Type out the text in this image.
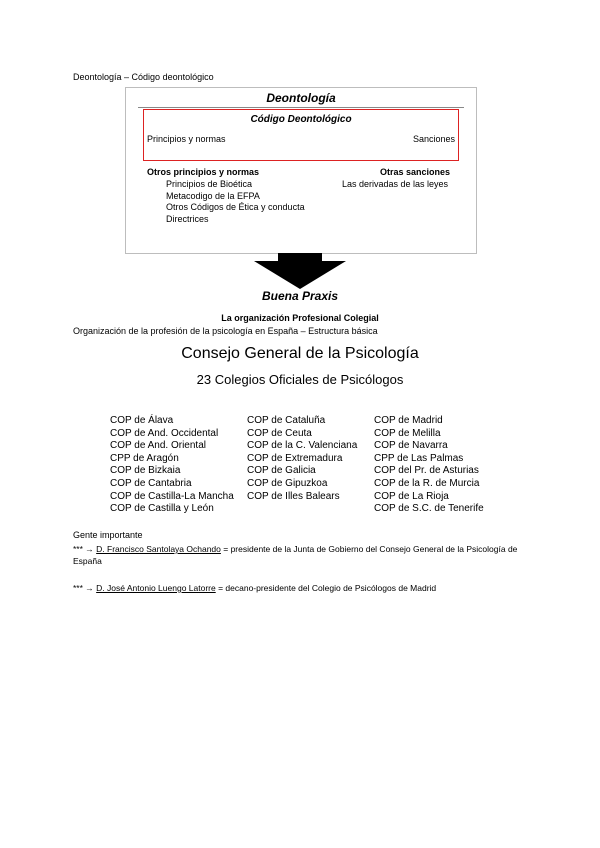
Deontología – Código deontológico
Deontología
Código Deontológico
Principios y normas	Sanciones
Otros principios y normas
Principios de Bioética
Metacodigo de la EFPA
Otros Códigos de Ética y conducta
Directrices
Otras sanciones
Las derivadas de las leyes
Buena Praxis
La organización Profesional Colegial
Organización de la profesión de la psicología en España – Estructura básica
Consejo General de la Psicología
23 Colegios Oficiales de Psicólogos
COP de Álava
COP de And. Occidental
COP de And. Oriental
CPP de Aragón
COP de Bizkaia
COP de Cantabria
COP de Castilla-La Mancha
COP de Castilla y León
COP de Cataluña
COP de Ceuta
COP de la C. Valenciana
COP de Extremadura
COP de Galicia
COP de Gipuzkoa
COP de Illes Balears
COP de Madrid
COP de Melilla
COP de Navarra
CPP de Las Palmas
COP del Pr. de Asturias
COP de la R. de Murcia
COP de La Rioja
COP de S.C. de Tenerife
Gente importante
*** → D. Francisco Santolaya Ochando = presidente de la Junta de Gobierno del Consejo General de la Psicología de España
*** → D. José Antonio Luengo Latorre = decano-presidente del Colegio de Psicólogos de Madrid
